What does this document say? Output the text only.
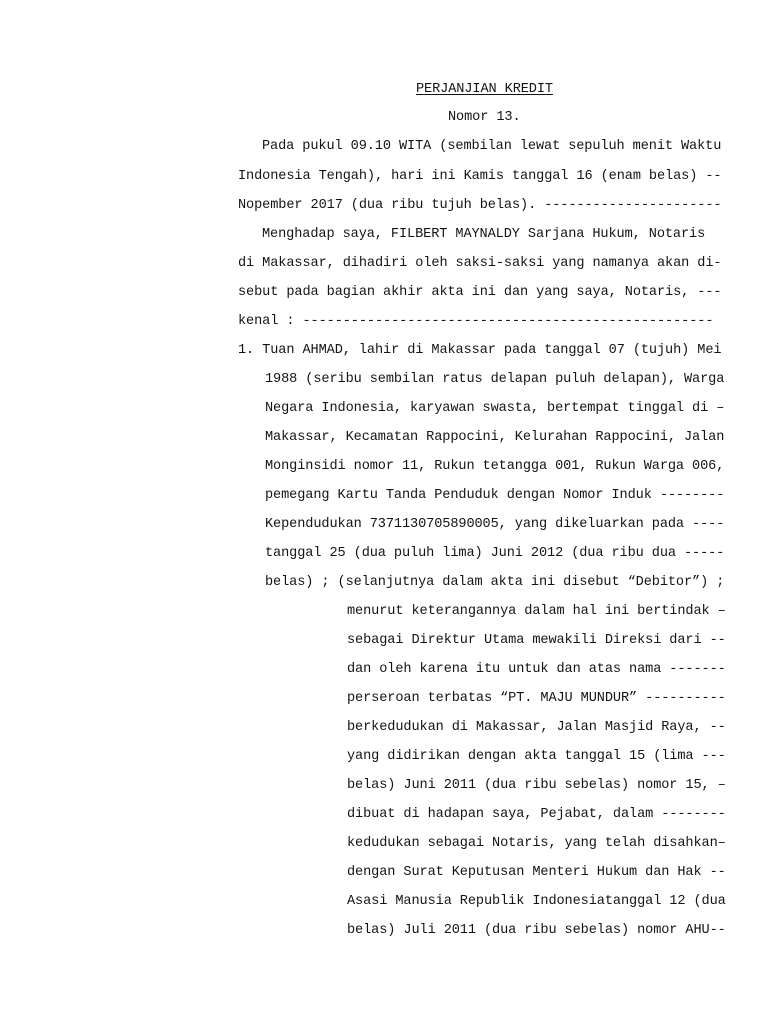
PERJANJIAN KREDIT
Nomor 13.
Pada pukul 09.10 WITA (sembilan lewat sepuluh menit Waktu
Indonesia Tengah), hari ini Kamis tanggal 16 (enam belas) --
Nopember 2017 (dua ribu tujuh belas). ----------------------
Menghadap saya, FILBERT MAYNALDY Sarjana Hukum, Notaris
di Makassar, dihadiri oleh saksi-saksi yang namanya akan di-
sebut pada bagian akhir akta ini dan yang saya, Notaris, ---
kenal : ---------------------------------------------------
1. Tuan AHMAD, lahir di Makassar pada tanggal 07 (tujuh) Mei
1988 (seribu sembilan ratus delapan puluh delapan), Warga
Negara Indonesia, karyawan swasta, bertempat tinggal di –
Makassar, Kecamatan Rappocini, Kelurahan Rappocini, Jalan
Monginsidi nomor 11, Rukun tetangga 001, Rukun Warga 006,
pemegang Kartu Tanda Penduduk dengan Nomor Induk --------
Kependudukan 7371130705890005, yang dikeluarkan pada ----
tanggal 25 (dua puluh lima) Juni 2012 (dua ribu dua -----
belas) ; (selanjutnya dalam akta ini disebut “Debitor”) ;
menurut keterangannya dalam hal ini bertindak –
sebagai Direktur Utama mewakili Direksi dari --
dan oleh karena itu untuk dan atas nama -------
perseroan terbatas “PT. MAJU MUNDUR” ----------
berkedudukan di Makassar, Jalan Masjid Raya, --
yang didirikan dengan akta tanggal 15 (lima ---
belas) Juni 2011 (dua ribu sebelas) nomor 15, –
dibuat di hadapan saya, Pejabat, dalam --------
kedudukan sebagai Notaris, yang telah disahkan–
dengan Surat Keputusan Menteri Hukum dan Hak --
Asasi Manusia Republik Indonesiatanggal 12 (dua
belas) Juli 2011 (dua ribu sebelas) nomor AHU--
